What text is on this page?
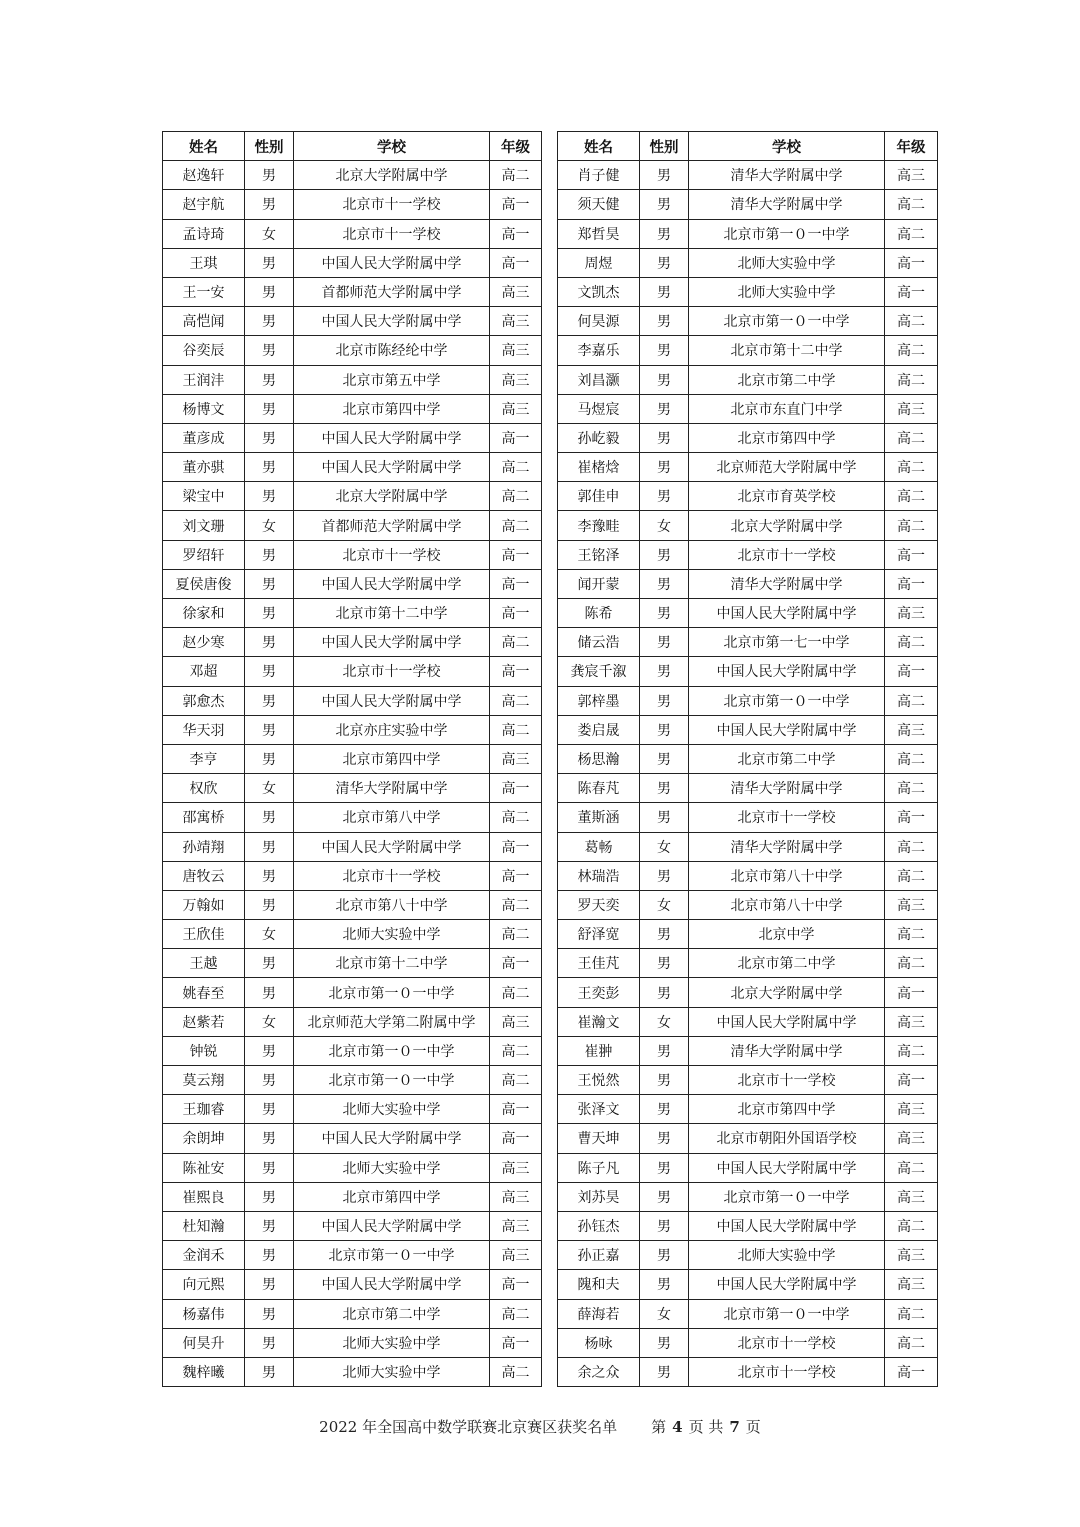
姓名	性别	学校	年级
赵逸轩	男	北京大学附属中学	高二
赵宇航	男	北京市十一学校	高一
孟诗琦	女	北京市十一学校	高一
王琪	男	中国人民大学附属中学	高一
王一安	男	首都师范大学附属中学	高三
高恺闻	男	中国人民大学附属中学	高三
谷奕辰	男	北京市陈经纶中学	高三
王润沣	男	北京市第五中学	高三
杨博文	男	北京市第四中学	高三
董彦成	男	中国人民大学附属中学	高一
董亦骐	男	中国人民大学附属中学	高二
梁宝中	男	北京大学附属中学	高二
刘文珊	女	首都师范大学附属中学	高二
罗绍轩	男	北京市十一学校	高一
夏侯唐俊	男	中国人民大学附属中学	高一
徐家和	男	北京市第十二中学	高一
赵少寒	男	中国人民大学附属中学	高二
邓超	男	北京市十一学校	高一
郭愈杰	男	中国人民大学附属中学	高二
华天羽	男	北京亦庄实验中学	高二
李亨	男	北京市第四中学	高三
权欣	女	清华大学附属中学	高一
邵寓桥	男	北京市第八中学	高二
孙靖翔	男	中国人民大学附属中学	高一
唐牧云	男	北京市十一学校	高一
万翰如	男	北京市第八十中学	高二
王欣佳	女	北师大实验中学	高二
王越	男	北京市第十二中学	高一
姚春至	男	北京市第一０一中学	高二
赵紫若	女	北京师范大学第二附属中学	高三
钟锐	男	北京市第一０一中学	高二
莫云翔	男	北京市第一０一中学	高二
王珈睿	男	北师大实验中学	高一
余朗坤	男	中国人民大学附属中学	高一
陈祉安	男	北师大实验中学	高三
崔熙良	男	北京市第四中学	高三
杜知瀚	男	中国人民大学附属中学	高三
金润禾	男	北京市第一０一中学	高三
向元熙	男	中国人民大学附属中学	高一
杨嘉伟	男	北京市第二中学	高二
何昊升	男	北师大实验中学	高一
魏梓曦	男	北师大实验中学	高二
姓名	性别	学校	年级
肖子健	男	清华大学附属中学	高三
须天健	男	清华大学附属中学	高二
郑哲昊	男	北京市第一０一中学	高二
周煜	男	北师大实验中学	高一
文凯杰	男	北师大实验中学	高一
何昊源	男	北京市第一０一中学	高二
李嘉乐	男	北京市第十二中学	高二
刘昌灏	男	北京市第二中学	高二
马煜宸	男	北京市东直门中学	高三
孙屹毅	男	北京市第四中学	高二
崔楮焓	男	北京师范大学附属中学	高二
郭佳申	男	北京市育英学校	高二
李豫畦	女	北京大学附属中学	高二
王铭泽	男	北京市十一学校	高一
闻开蒙	男	清华大学附属中学	高一
陈希	男	中国人民大学附属中学	高三
储云浩	男	北京市第一七一中学	高二
龚宸千溆	男	中国人民大学附属中学	高一
郭梓墨	男	北京市第一０一中学	高二
娄启晟	男	中国人民大学附属中学	高三
杨思瀚	男	北京市第二中学	高二
陈春芃	男	清华大学附属中学	高二
董斯涵	男	北京市十一学校	高一
葛畅	女	清华大学附属中学	高二
林瑞浩	男	北京市第八十中学	高二
罗天奕	女	北京市第八十中学	高三
舒泽宽	男	北京中学	高二
王佳芃	男	北京市第二中学	高二
王奕彭	男	北京大学附属中学	高一
崔瀚文	女	中国人民大学附属中学	高三
崔翀	男	清华大学附属中学	高二
王悦然	男	北京市十一学校	高一
张泽文	男	北京市第四中学	高三
曹天坤	男	北京市朝阳外国语学校	高三
陈子凡	男	中国人民大学附属中学	高二
刘苏昊	男	北京市第一０一中学	高三
孙钰杰	男	中国人民大学附属中学	高二
孙正嘉	男	北师大实验中学	高三
隗和夫	男	中国人民大学附属中学	高三
薛海若	女	北京市第一０一中学	高二
杨咏	男	北京市十一学校	高二
余之众	男	北京市十一学校	高一
2022 年全国高中数学联赛北京赛区获奖名单 第 4 页 共 7 页
